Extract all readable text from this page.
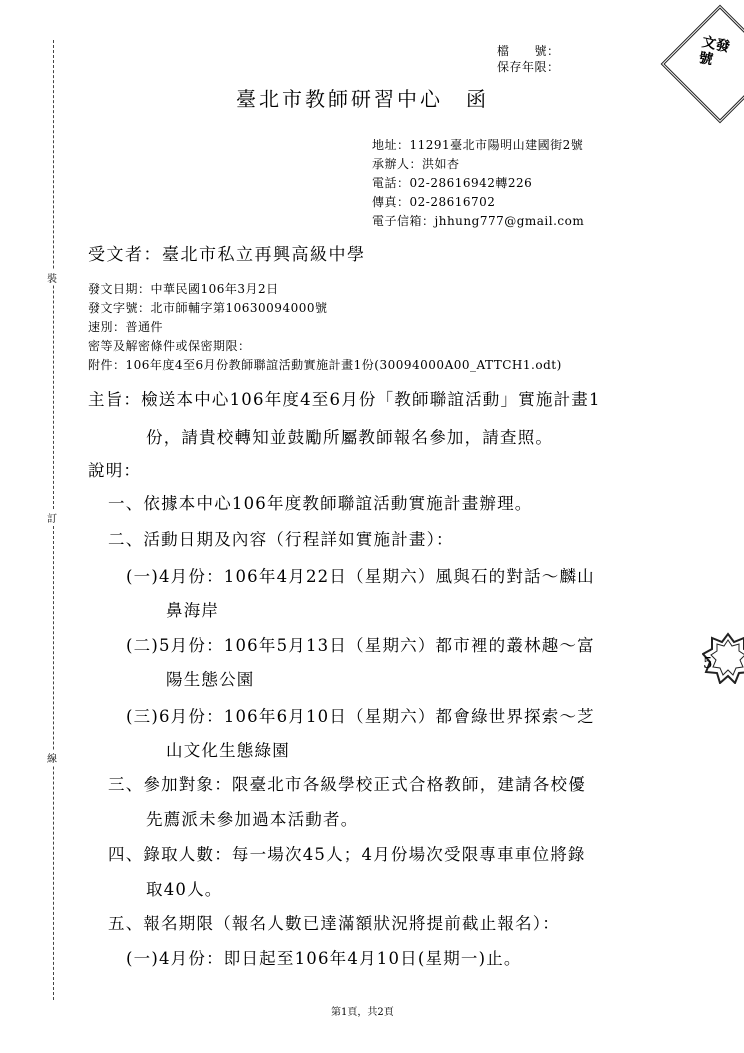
裝
訂
線
文發號
檔　　號：
保存年限：
臺北市教師研習中心　函
地址：11291臺北市陽明山建國街2號
承辦人：洪如杏
電話：02-28616942轉226
傳真：02-28616702
電子信箱：jhhung777@gmail.com
受文者：臺北市私立再興高級中學
發文日期：中華民國106年3月2日
發文字號：北市師輔字第10630094000號
速別：普通件
密等及解密條件或保密期限：
附件：106年度4至6月份教師聯誼活動實施計畫1份(30094000A00_ATTCH1.odt)
主旨：檢送本中心106年度4至6月份「教師聯誼活動」實施計畫1
份，請貴校轉知並鼓勵所屬教師報名參加，請查照。
說明：
一、依據本中心106年度教師聯誼活動實施計畫辦理。
二、活動日期及內容（行程詳如實施計畫）：
(一)4月份：106年4月22日（星期六）風與石的對話～麟山
鼻海岸
(二)5月份：106年5月13日（星期六）都市裡的叢林趣～富
陽生態公園
(三)6月份：106年6月10日（星期六）都會綠世界探索～芝
山文化生態綠園
三、參加對象：限臺北市各級學校正式合格教師，建請各校優
先薦派未參加過本活動者。
四、錄取人數：每一場次45人；4月份場次受限專車車位將錄
取40人。
五、報名期限（報名人數已達滿額狀況將提前截止報名）：
(一)4月份：即日起至106年4月10日(星期一)止。
5
第1頁，共2頁
